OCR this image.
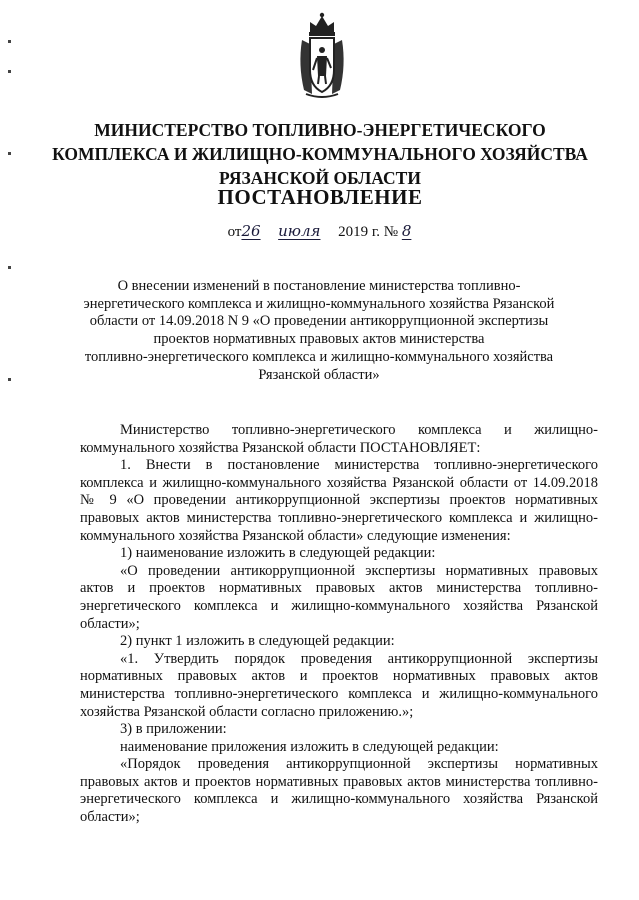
МИНИСТЕРСТВО ТОПЛИВНО-ЭНЕРГЕТИЧЕСКОГО
КОМПЛЕКСА И ЖИЛИЩНО-КОММУНАЛЬНОГО ХОЗЯЙСТВА
РЯЗАНСКОЙ ОБЛАСТИ
ПОСТАНОВЛЕНИЕ
от26 июля 2019 г. № 8
О внесении изменений в постановление министерства топливно-
энергетического комплекса и жилищно-коммунального хозяйства Рязанской
области от 14.09.2018 N 9 «О проведении антикоррупционной экспертизы
проектов нормативных правовых актов министерства
топливно-энергетического комплекса и жилищно-коммунального хозяйства
Рязанской области»

Министерство топливно-энергетического комплекса и жилищно-коммунального хозяйства Рязанской области ПОСТАНОВЛЯЕТ:

1. Внести в постановление министерства топливно-энергетического комплекса и жилищно-коммунального хозяйства Рязанской области от 14.09.2018 № 9 «О проведении антикоррупционной экспертизы проектов нормативных правовых актов министерства топливно-энергетического комплекса и жилищно-коммунального хозяйства Рязанской области» следующие изменения:

1) наименование изложить в следующей редакции:

«О проведении антикоррупционной экспертизы нормативных правовых актов и проектов нормативных правовых актов министерства топливно-энергетического комплекса и жилищно-коммунального хозяйства Рязанской области»;

2) пункт 1 изложить в следующей редакции:

«1. Утвердить порядок проведения антикоррупционной экспертизы нормативных правовых актов и проектов нормативных правовых актов министерства топливно-энергетического комплекса и жилищно-коммунального хозяйства Рязанской области согласно приложению.»;

3) в приложении:

наименование приложения изложить в следующей редакции:

«Порядок проведения антикоррупционной экспертизы нормативных правовых актов и проектов нормативных правовых актов министерства топливно-энергетического комплекса и жилищно-коммунального хозяйства Рязанской области»;
